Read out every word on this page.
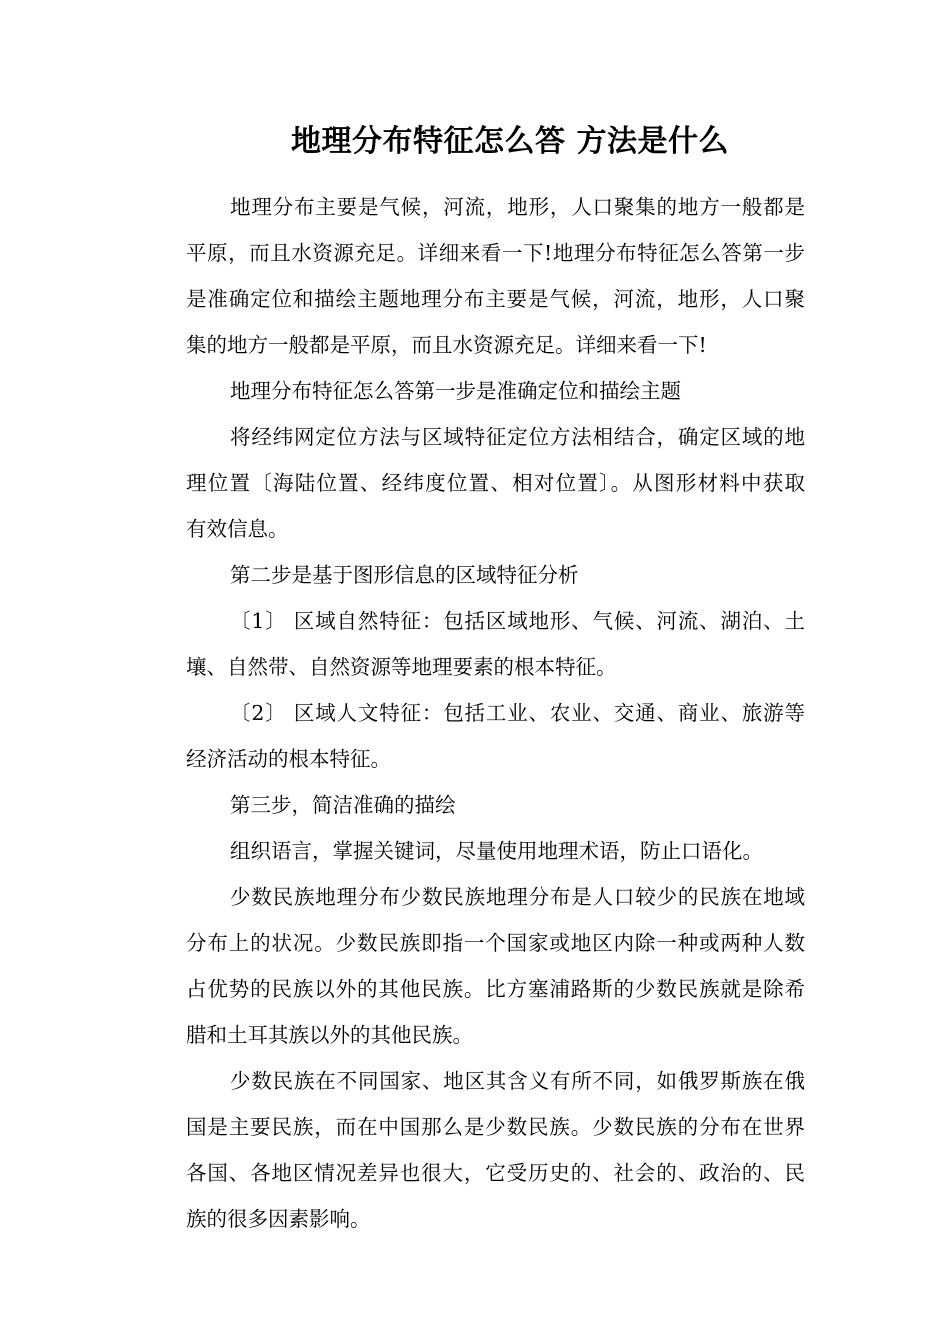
地理分布特征怎么答 方法是什么
地理分布主要是气候，河流，地形，人口聚集的地方一般都是
平原，而且水资源充足。详细来看一下!地理分布特征怎么答第一步
是准确定位和描绘主题地理分布主要是气候，河流，地形，人口聚
集的地方一般都是平原，而且水资源充足。详细来看一下!
地理分布特征怎么答第一步是准确定位和描绘主题
将经纬网定位方法与区域特征定位方法相结合，确定区域的地
理位置〔海陆位置、经纬度位置、相对位置〕。从图形材料中获取
有效信息。
第二步是基于图形信息的区域特征分析
〔1〕 区域自然特征：包括区域地形、气候、河流、湖泊、土
壤、自然带、自然资源等地理要素的根本特征。
〔2〕 区域人文特征：包括工业、农业、交通、商业、旅游等
经济活动的根本特征。
第三步，简洁准确的描绘
组织语言，掌握关键词，尽量使用地理术语，防止口语化。
少数民族地理分布少数民族地理分布是人口较少的民族在地域
分布上的状况。少数民族即指一个国家或地区内除一种或两种人数
占优势的民族以外的其他民族。比方塞浦路斯的少数民族就是除希
腊和土耳其族以外的其他民族。
少数民族在不同国家、地区其含义有所不同，如俄罗斯族在俄
国是主要民族，而在中国那么是少数民族。少数民族的分布在世界
各国、各地区情况差异也很大，它受历史的、社会的、政治的、民
族的很多因素影响。
